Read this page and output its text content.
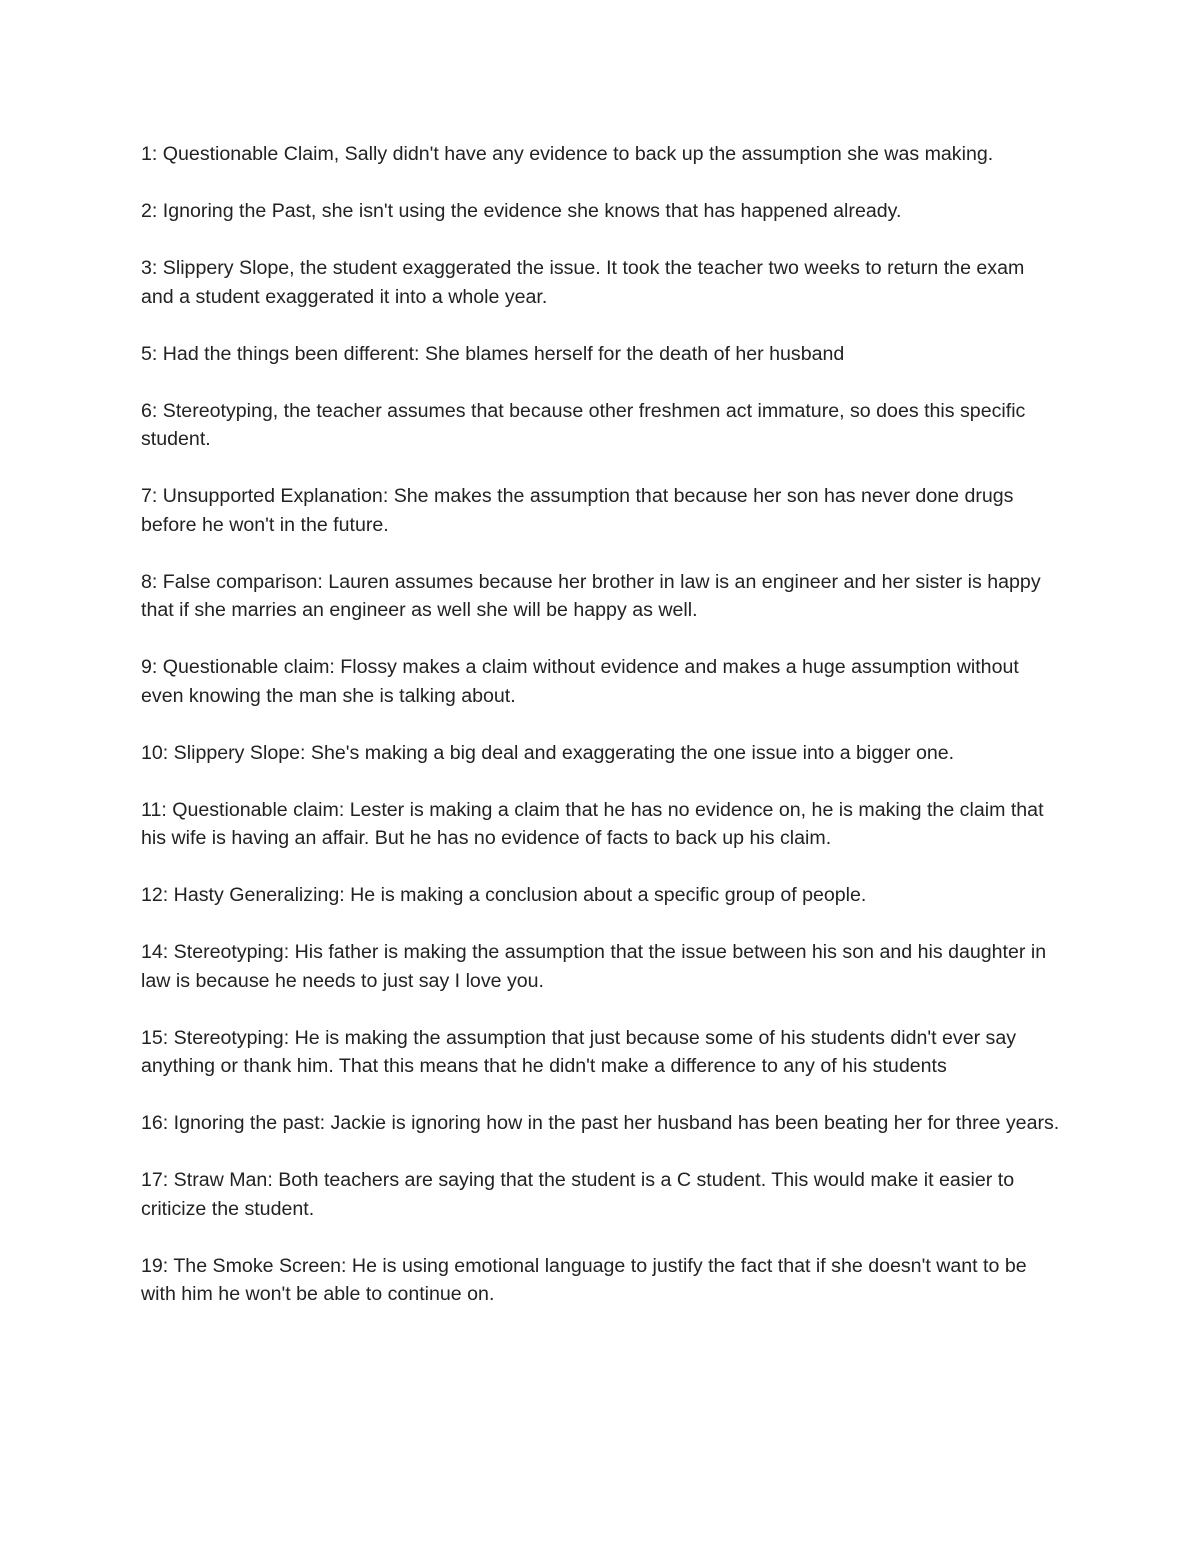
1: Questionable Claim, Sally didn't have any evidence to back up the assumption she was making.

2: Ignoring the Past, she isn't using the evidence she knows that has happened already.

3: Slippery Slope, the student exaggerated the issue. It took the teacher two weeks to return the exam and a student exaggerated it into a whole year.

5: Had the things been different: She blames herself for the death of her husband

6: Stereotyping, the teacher assumes that because other freshmen act immature, so does this specific student.

7: Unsupported Explanation: She makes the assumption that because her son has never done drugs before he won't in the future.

8: False comparison: Lauren assumes because her brother in law is an engineer and her sister is happy that if she marries an engineer as well she will be happy as well.

9: Questionable claim: Flossy makes a claim without evidence and makes a huge assumption without even knowing the man she is talking about.

10: Slippery Slope: She's making a big deal and exaggerating the one issue into a bigger one.

11: Questionable claim: Lester is making a claim that he has no evidence on, he is making the claim that his wife is having an affair. But he has no evidence of facts to back up his claim.

12: Hasty Generalizing: He is making a conclusion about a specific group of people.

14: Stereotyping: His father is making the assumption that the issue between his son and his daughter in law is because he needs to just say I love you.

15: Stereotyping: He is making the assumption that just because some of his students didn't ever say anything or thank him. That this means that he didn't make a difference to any of his students

16: Ignoring the past: Jackie is ignoring how in the past her husband has been beating her for three years.

17: Straw Man: Both teachers are saying that the student is a C student. This would make it easier to criticize the student.

19: The Smoke Screen: He is using emotional language to justify the fact that if she doesn't want to be with him he won't be able to continue on.
